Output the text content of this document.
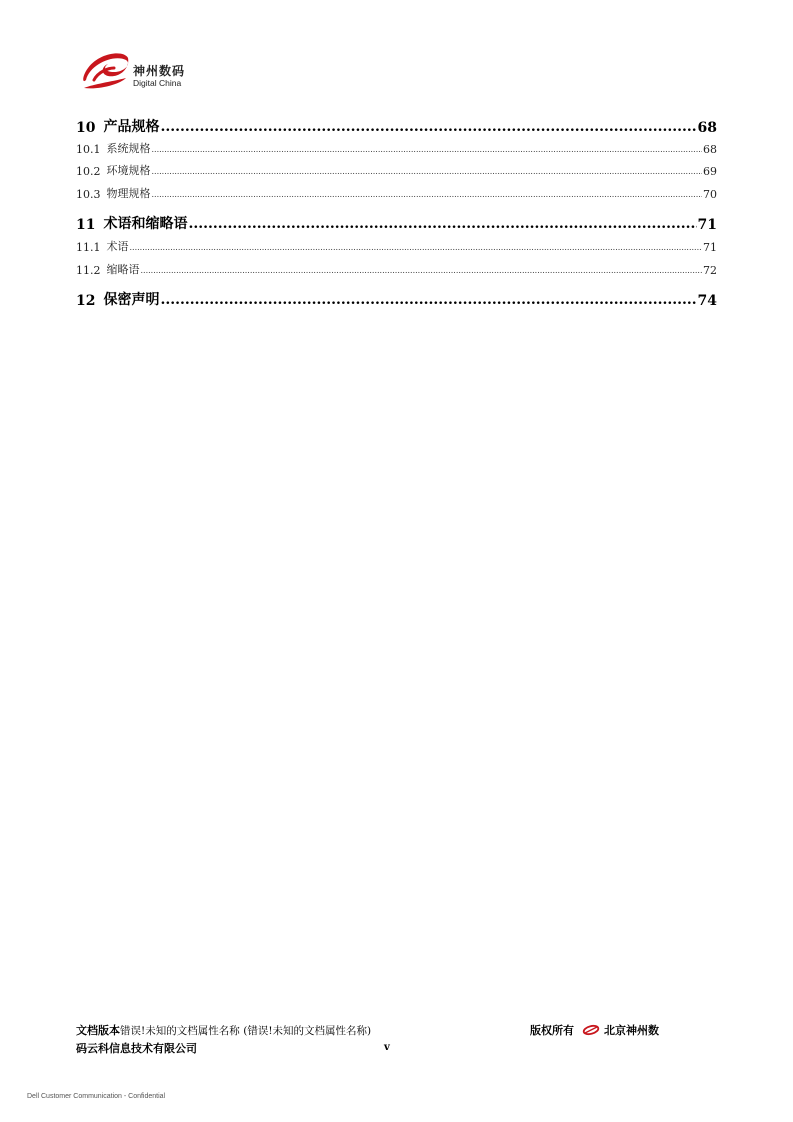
神州数码
Digital China
10 产品规格 .....	68
10.1 系统规格 .....	68
10.2 环境规格 .....	69
10.3 物理规格 .....	70
11 术语和缩略语 .....	71
11.1 术语 .....	71
11.2 缩略语 .....	72
12 保密声明 .....	74
文档版本错误!未知的文档属性名称 (错误!未知的文档属性名称)	版权所有	北京神州数
码云科信息技术有限公司	v
Dell Customer Communication - Confidential
